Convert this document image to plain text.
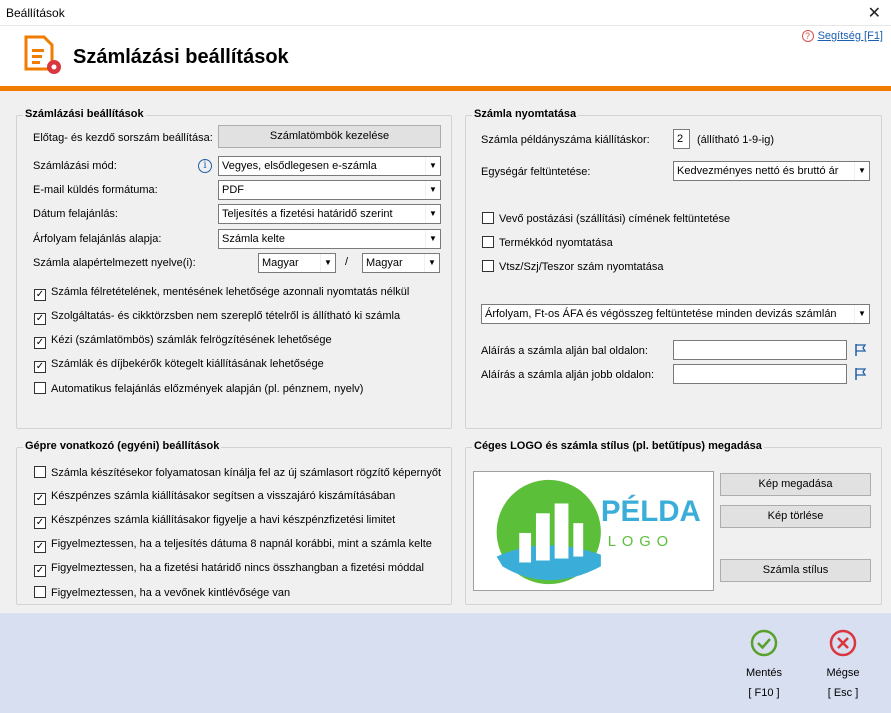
Beállítások	✕
Számlázási beállítások
? Segítség [F1]
Számlázási beállítások
Előtag- és kezdő sorszám beállítása:	Számlatömbök kezelése
Számlázási mód:	i	Vegyes, elsődlegesen e-számla	▼
E-mail küldés formátuma:	PDF	▼
Dátum felajánlás:	Teljesítés a fizetési határidő szerint	▼
Árfolyam felajánlás alapja:	Számla kelte	▼
Számla alapértelmezett nyelve(i):	Magyar	▼ /	Magyar	▼
✓ Számla félretételének, mentésének lehetősége azonnali nyomtatás nélkül
✓ Szolgáltatás- és cikktörzsben nem szereplő tételről is állítható ki számla
✓ Kézi (számlatömbös) számlák felrögzítésének lehetősége
✓ Számlák és díjbekérők kötegelt kiállításának lehetősége
Automatikus felajánlás előzmények alapján (pl. pénznem, nyelv)
Számla nyomtatása
Számla példányszáma kiállításkor:	2	(állítható 1-9-ig)
Egységár feltüntetése:	Kedvezményes nettó és bruttó ár	▼
Vevő postázási (szállítási) címének feltüntetése
Termékkód nyomtatása
Vtsz/Szj/Teszor szám nyomtatása
Árfolyam, Ft-os ÁFA és végösszeg feltüntetése minden devizás számlán	▼
Aláírás a számla alján bal oldalon:
Aláírás a számla alján jobb oldalon:
Gépre vonatkozó (egyéni) beállítások
Számla készítésekor folyamatosan kínálja fel az új számlasort rögzítő képernyőt
✓ Készpénzes számla kiállításakor segítsen a visszajáró kiszámításában
✓ Készpénzes számla kiállításakor figyelje a havi készpénzfizetési limitet
✓ Figyelmeztessen, ha a teljesítés dátuma 8 napnál korábbi, mint a számla kelte
✓ Figyelmeztessen, ha a fizetési határidő nincs összhangban a fizetési móddal
Figyelmeztessen, ha a vevőnek kintlévősége van
Céges LOGO és számla stílus (pl. betűtípus) megadása
PÉLDA
LOGO
Kép megadása
Kép törlése
Számla stílus
Mentés
[ F10 ]
Mégse
[ Esc ]
